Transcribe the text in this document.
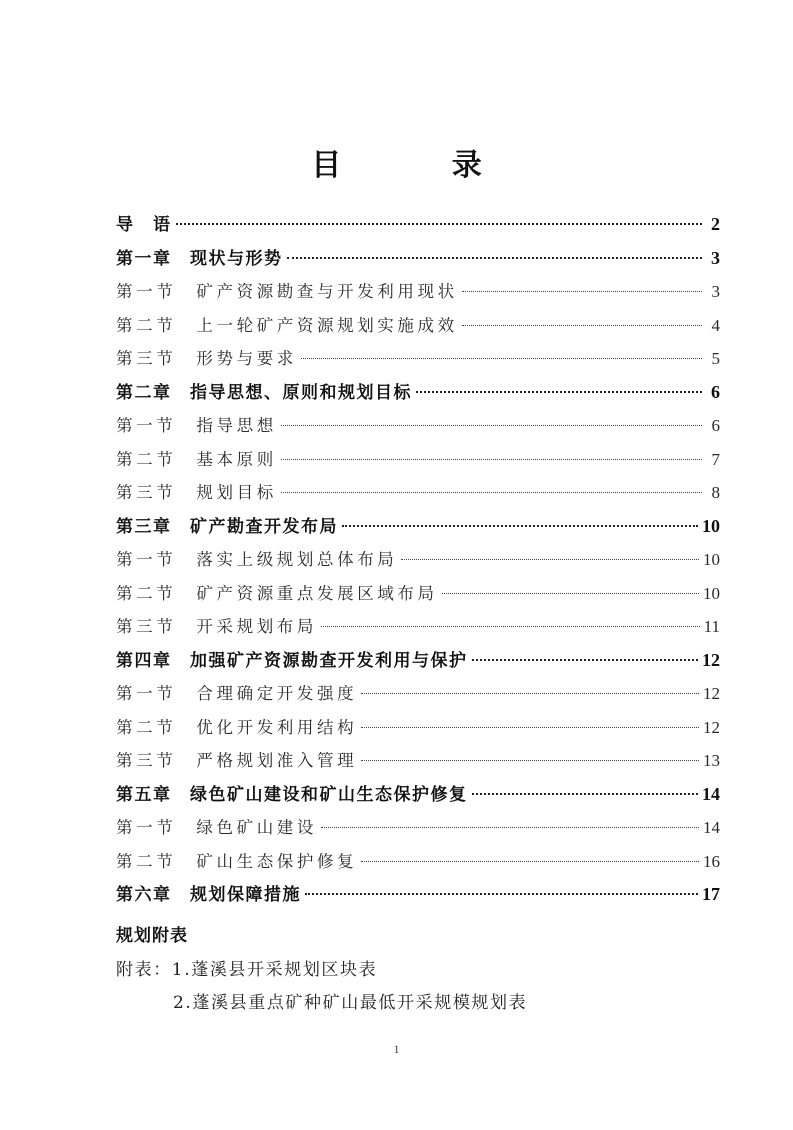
目 录
导　语	2
第一章　现状与形势	3
第一节　矿产资源勘查与开发利用现状	3
第二节　上一轮矿产资源规划实施成效	4
第三节　形势与要求	5
第二章　指导思想、原则和规划目标	6
第一节　指导思想	6
第二节　基本原则	7
第三节　规划目标	8
第三章　矿产勘查开发布局	10
第一节　落实上级规划总体布局	10
第二节　矿产资源重点发展区域布局	10
第三节　开采规划布局	11
第四章　加强矿产资源勘查开发利用与保护	12
第一节　合理确定开发强度	12
第二节　优化开发利用结构	12
第三节　严格规划准入管理	13
第五章　绿色矿山建设和矿山生态保护修复	14
第一节　绿色矿山建设	14
第二节　矿山生态保护修复	16
第六章　规划保障措施	17
规划附表
附表：1.蓬溪县开采规划区块表
2.蓬溪县重点矿种矿山最低开采规模规划表
1
